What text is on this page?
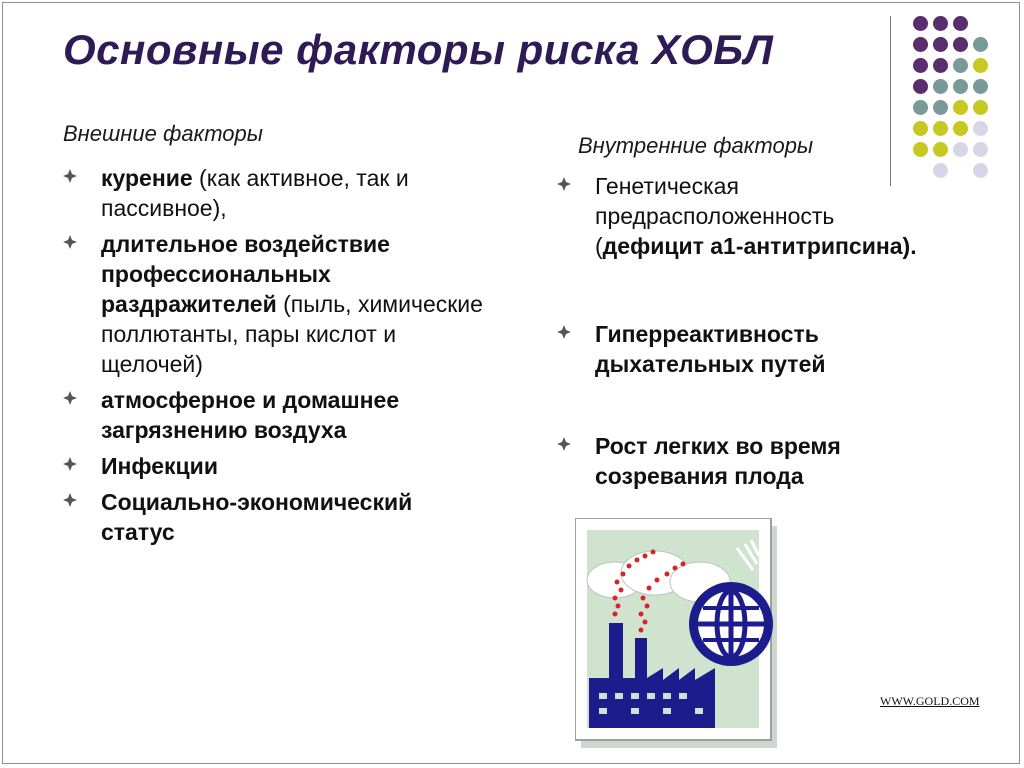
Основные факторы риска ХОБЛ
Внешние факторы
курение (как активное, так и пассивное),
длительное воздействие профессиональных раздражителей (пыль, химические поллютанты, пары кислот и щелочей)
атмосферное и домашнее загрязнению воздуха
Инфекции
Социально-экономический статус
Внутренние факторы
Генетическая предрасположенность (дефицит а1-антитрипсина).
Гиперреактивность дыхательных путей
Рост легких во время созревания плода
WWW.GOLD.COM
